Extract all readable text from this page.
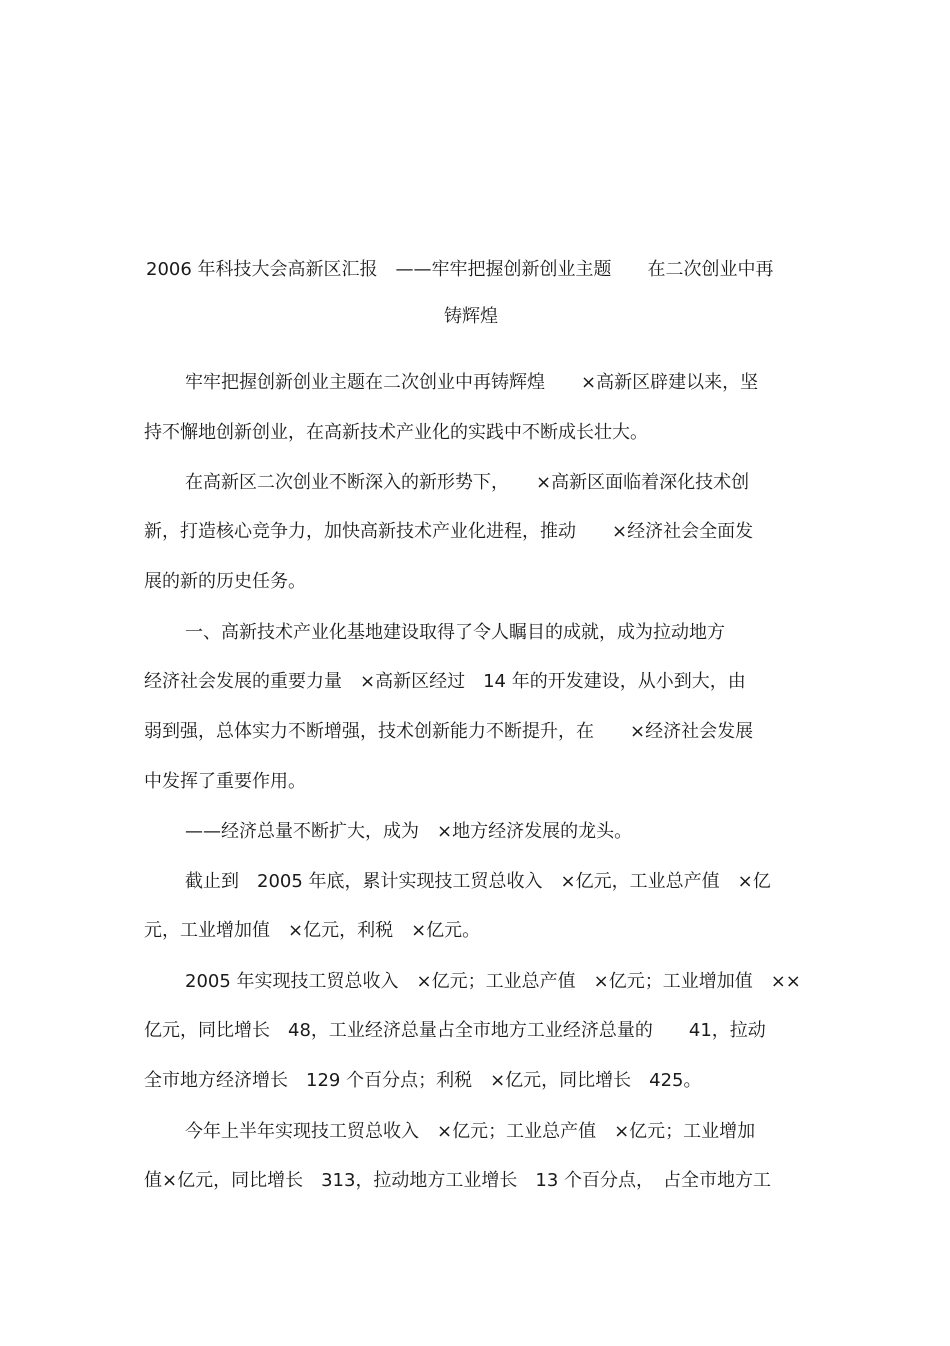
2006 年科技大会高新区汇报　——牢牢把握创新创业主题　　在二次创业中再
铸辉煌
牢牢把握创新创业主题在二次创业中再铸辉煌　　×高新区辟建以来，坚
持不懈地创新创业，在高新技术产业化的实践中不断成长壮大。
在高新区二次创业不断深入的新形势下，　　×高新区面临着深化技术创
新，打造核心竞争力，加快高新技术产业化进程，推动　　×经济社会全面发
展的新的历史任务。
一、高新技术产业化基地建设取得了令人瞩目的成就，成为拉动地方
经济社会发展的重要力量　×高新区经过　14 年的开发建设，从小到大，由
弱到强，总体实力不断增强，技术创新能力不断提升，在　　×经济社会发展
中发挥了重要作用。
——经济总量不断扩大，成为　×地方经济发展的龙头。
截止到　2005 年底，累计实现技工贸总收入　×亿元，工业总产值　×亿
元，工业增加值　×亿元，利税　×亿元。
2005 年实现技工贸总收入　×亿元；工业总产值　×亿元；工业增加值　××
亿元，同比增长　48，工业经济总量占全市地方工业经济总量的　　41，拉动
全市地方经济增长　129 个百分点；利税　×亿元，同比增长　425。
今年上半年实现技工贸总收入　×亿元；工业总产值　×亿元；工业增加
值×亿元，同比增长　313，拉动地方工业增长　13 个百分点，　占全市地方工
